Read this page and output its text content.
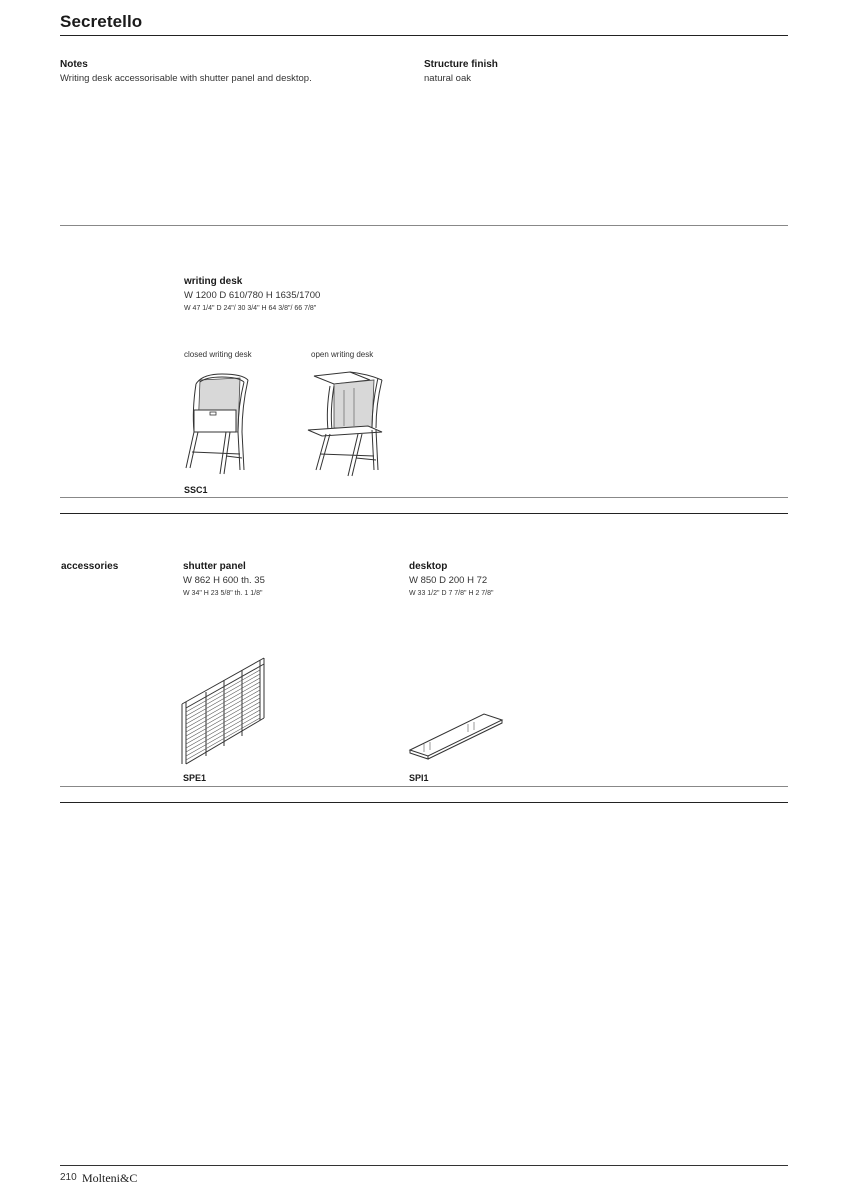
Secretello
Notes
Writing desk accessorisable with shutter panel and desktop.
Structure finish
natural oak
writing desk
W 1200 D 610/780 H 1635/1700
W 47 1/4" D 24"/ 30 3/4" H 64 3/8"/ 66 7/8"
closed writing desk	open writing desk
SSC1
accessories	shutter panel
W 862 H 600 th. 35
W 34" H 23 5/8" th. 1 1/8"
desktop
W 850 D 200 H 72
W 33 1/2" D 7 7/8" H 2 7/8"
SPE1	SPI1
210 Molteni&C
